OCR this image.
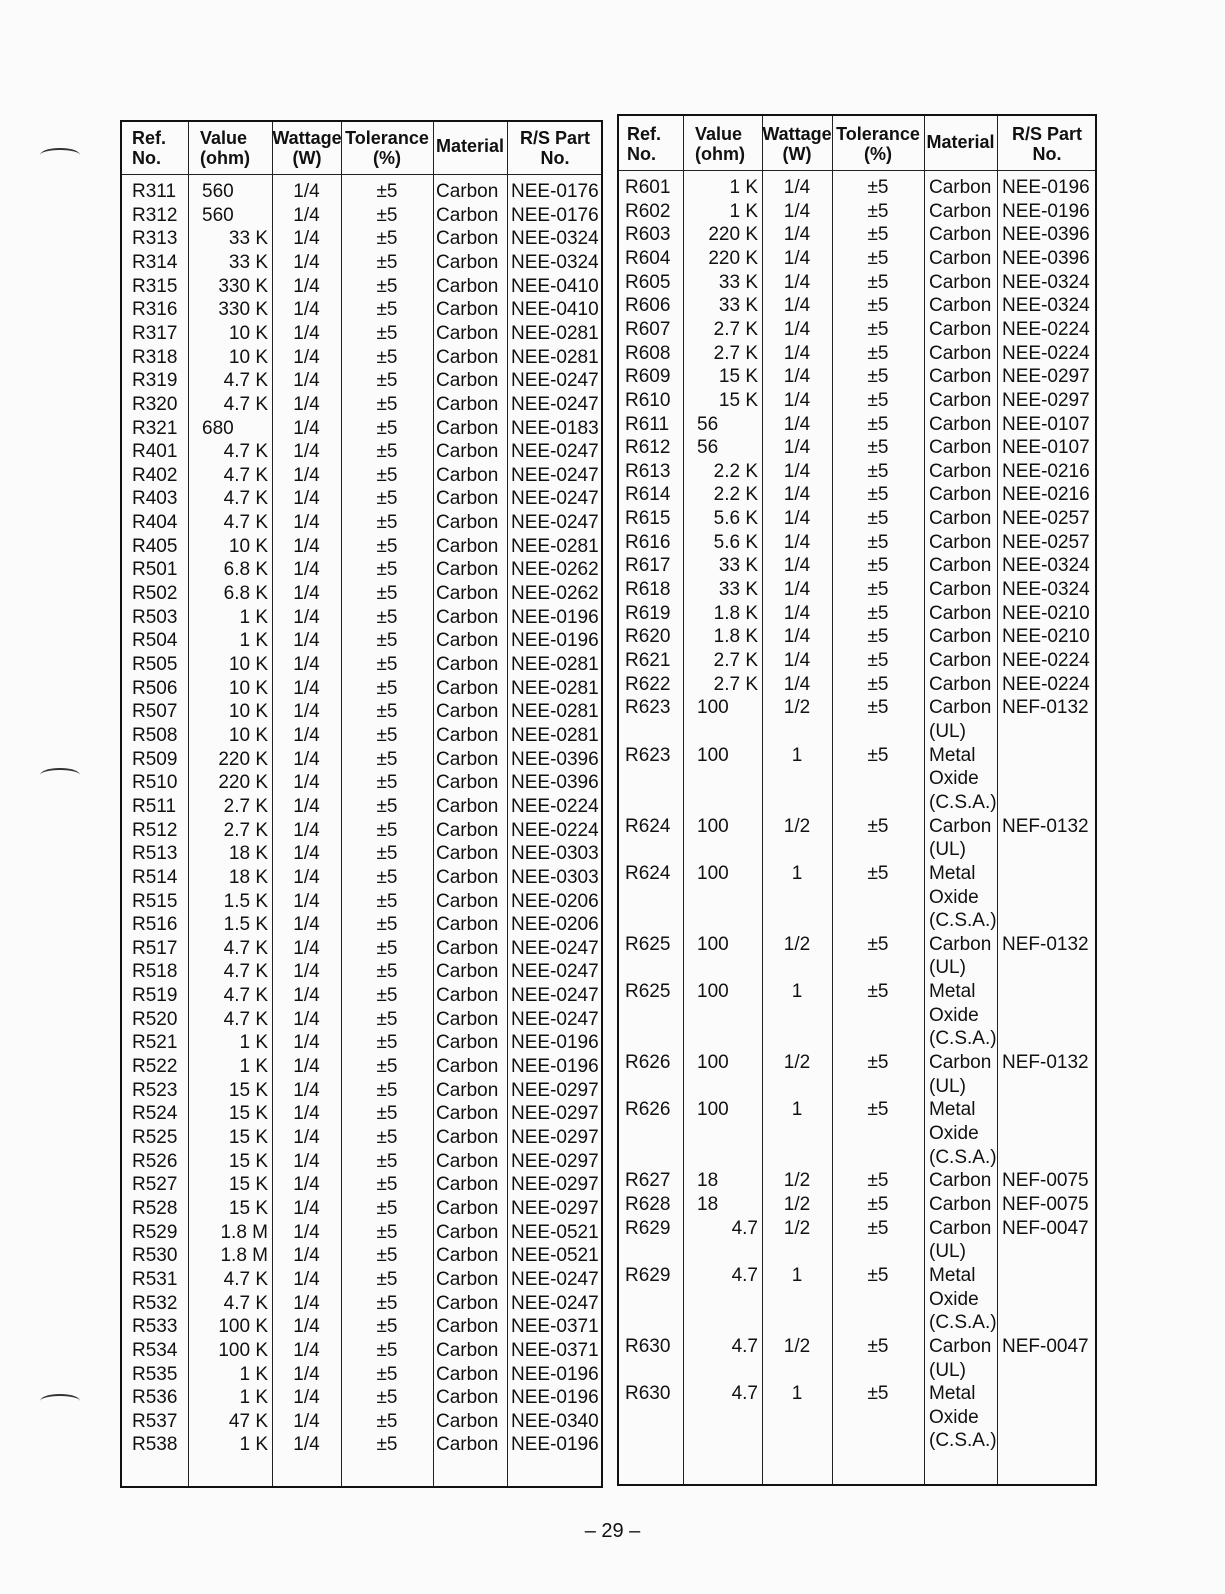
Ref. No.
Value (ohm)
Wattage (W)
Tolerance (%)
Material R/S Part No.
R311	560	1/4	±5	Carbon NEE-0176
R312	560	1/4	±5	Carbon NEE-0176
R313	33 K	1/4	±5	Carbon NEE-0324
R314	33 K	1/4	±5	Carbon NEE-0324
R315	330 K	1/4	±5	Carbon NEE-0410
R316	330 K	1/4	±5	Carbon NEE-0410
R317	10 K	1/4	±5	Carbon NEE-0281
R318	10 K	1/4	±5	Carbon NEE-0281
R319	4.7 K	1/4	±5	Carbon NEE-0247
R320	4.7 K	1/4	±5	Carbon NEE-0247
R321	680	1/4	±5	Carbon NEE-0183
R401	4.7 K	1/4	±5	Carbon NEE-0247
R402	4.7 K	1/4	±5	Carbon NEE-0247
R403	4.7 K	1/4	±5	Carbon NEE-0247
R404	4.7 K	1/4	±5	Carbon NEE-0247
R405	10 K	1/4	±5	Carbon NEE-0281
R501	6.8 K	1/4	±5	Carbon NEE-0262
R502	6.8 K	1/4	±5	Carbon NEE-0262
R503	1 K	1/4	±5	Carbon NEE-0196
R504	1 K	1/4	±5	Carbon NEE-0196
R505	10 K	1/4	±5	Carbon NEE-0281
R506	10 K	1/4	±5	Carbon NEE-0281
R507	10 K	1/4	±5	Carbon NEE-0281
R508	10 K	1/4	±5	Carbon NEE-0281
R509	220 K	1/4	±5	Carbon NEE-0396
R510	220 K	1/4	±5	Carbon NEE-0396
R511	2.7 K	1/4	±5	Carbon NEE-0224
R512	2.7 K	1/4	±5	Carbon NEE-0224
R513	18 K	1/4	±5	Carbon NEE-0303
R514	18 K	1/4	±5	Carbon NEE-0303
R515	1.5 K	1/4	±5	Carbon NEE-0206
R516	1.5 K	1/4	±5	Carbon NEE-0206
R517	4.7 K	1/4	±5	Carbon NEE-0247
R518	4.7 K	1/4	±5	Carbon NEE-0247
R519	4.7 K	1/4	±5	Carbon NEE-0247
R520	4.7 K	1/4	±5	Carbon NEE-0247
R521	1 K	1/4	±5	Carbon NEE-0196
R522	1 K	1/4	±5	Carbon NEE-0196
R523	15 K	1/4	±5	Carbon NEE-0297
R524	15 K	1/4	±5	Carbon NEE-0297
R525	15 K	1/4	±5	Carbon NEE-0297
R526	15 K	1/4	±5	Carbon NEE-0297
R527	15 K	1/4	±5	Carbon NEE-0297
R528	15 K	1/4	±5	Carbon NEE-0297
R529	1.8 M	1/4	±5	Carbon NEE-0521
R530	1.8 M	1/4	±5	Carbon NEE-0521
R531	4.7 K	1/4	±5	Carbon NEE-0247
R532	4.7 K	1/4	±5	Carbon NEE-0247
R533	100 K	1/4	±5	Carbon NEE-0371
R534	100 K	1/4	±5	Carbon NEE-0371
R535	1 K	1/4	±5	Carbon NEE-0196
R536	1 K	1/4	±5	Carbon NEE-0196
R537	47 K	1/4	±5	Carbon NEE-0340
R538	1 K	1/4	±5	Carbon NEE-0196
Ref. No.
Value (ohm)
Wattage (W)
Tolerance (%)
Material R/S Part No.
R601	1 K	1/4	±5	Carbon NEE-0196
R602	1 K	1/4	±5	Carbon NEE-0196
R603	220 K	1/4	±5	Carbon NEE-0396
R604	220 K	1/4	±5	Carbon NEE-0396
R605	33 K	1/4	±5	Carbon NEE-0324
R606	33 K	1/4	±5	Carbon NEE-0324
R607	2.7 K	1/4	±5	Carbon NEE-0224
R608	2.7 K	1/4	±5	Carbon NEE-0224
R609	15 K	1/4	±5	Carbon NEE-0297
R610	15 K	1/4	±5	Carbon NEE-0297
R611	56	1/4	±5	Carbon NEE-0107
R612	56	1/4	±5	Carbon NEE-0107
R613	2.2 K	1/4	±5	Carbon NEE-0216
R614	2.2 K	1/4	±5	Carbon NEE-0216
R615	5.6 K	1/4	±5	Carbon NEE-0257
R616	5.6 K	1/4	±5	Carbon NEE-0257
R617	33 K	1/4	±5	Carbon NEE-0324
R618	33 K	1/4	±5	Carbon NEE-0324
R619	1.8 K	1/4	±5	Carbon NEE-0210
R620	1.8 K	1/4	±5	Carbon NEE-0210
R621	2.7 K	1/4	±5	Carbon NEE-0224
R622	2.7 K	1/4	±5	Carbon NEE-0224
R623	100	1/2	±5	Carbon NEF-0132
(UL)
R623	100	1	±5	Metal
Oxide
(C.S.A.)
R624	100	1/2	±5	Carbon NEF-0132
(UL)
R624	100	1	±5	Metal
Oxide
(C.S.A.)
R625	100	1/2	±5	Carbon NEF-0132
(UL)
R625	100	1	±5	Metal
Oxide
(C.S.A.)
R626	100	1/2	±5	Carbon NEF-0132
(UL)
R626	100	1	±5	Metal
Oxide
(C.S.A.)
R627	18	1/2	±5	Carbon NEF-0075
R628	18	1/2	±5	Carbon NEF-0075
R629	4.7	1/2	±5	Carbon NEF-0047
(UL)
R629	4.7	1	±5	Metal
Oxide
(C.S.A.)
R630	4.7	1/2	±5	Carbon NEF-0047
(UL)
R630	4.7	1	±5	Metal
Oxide
(C.S.A.)
– 29 –
